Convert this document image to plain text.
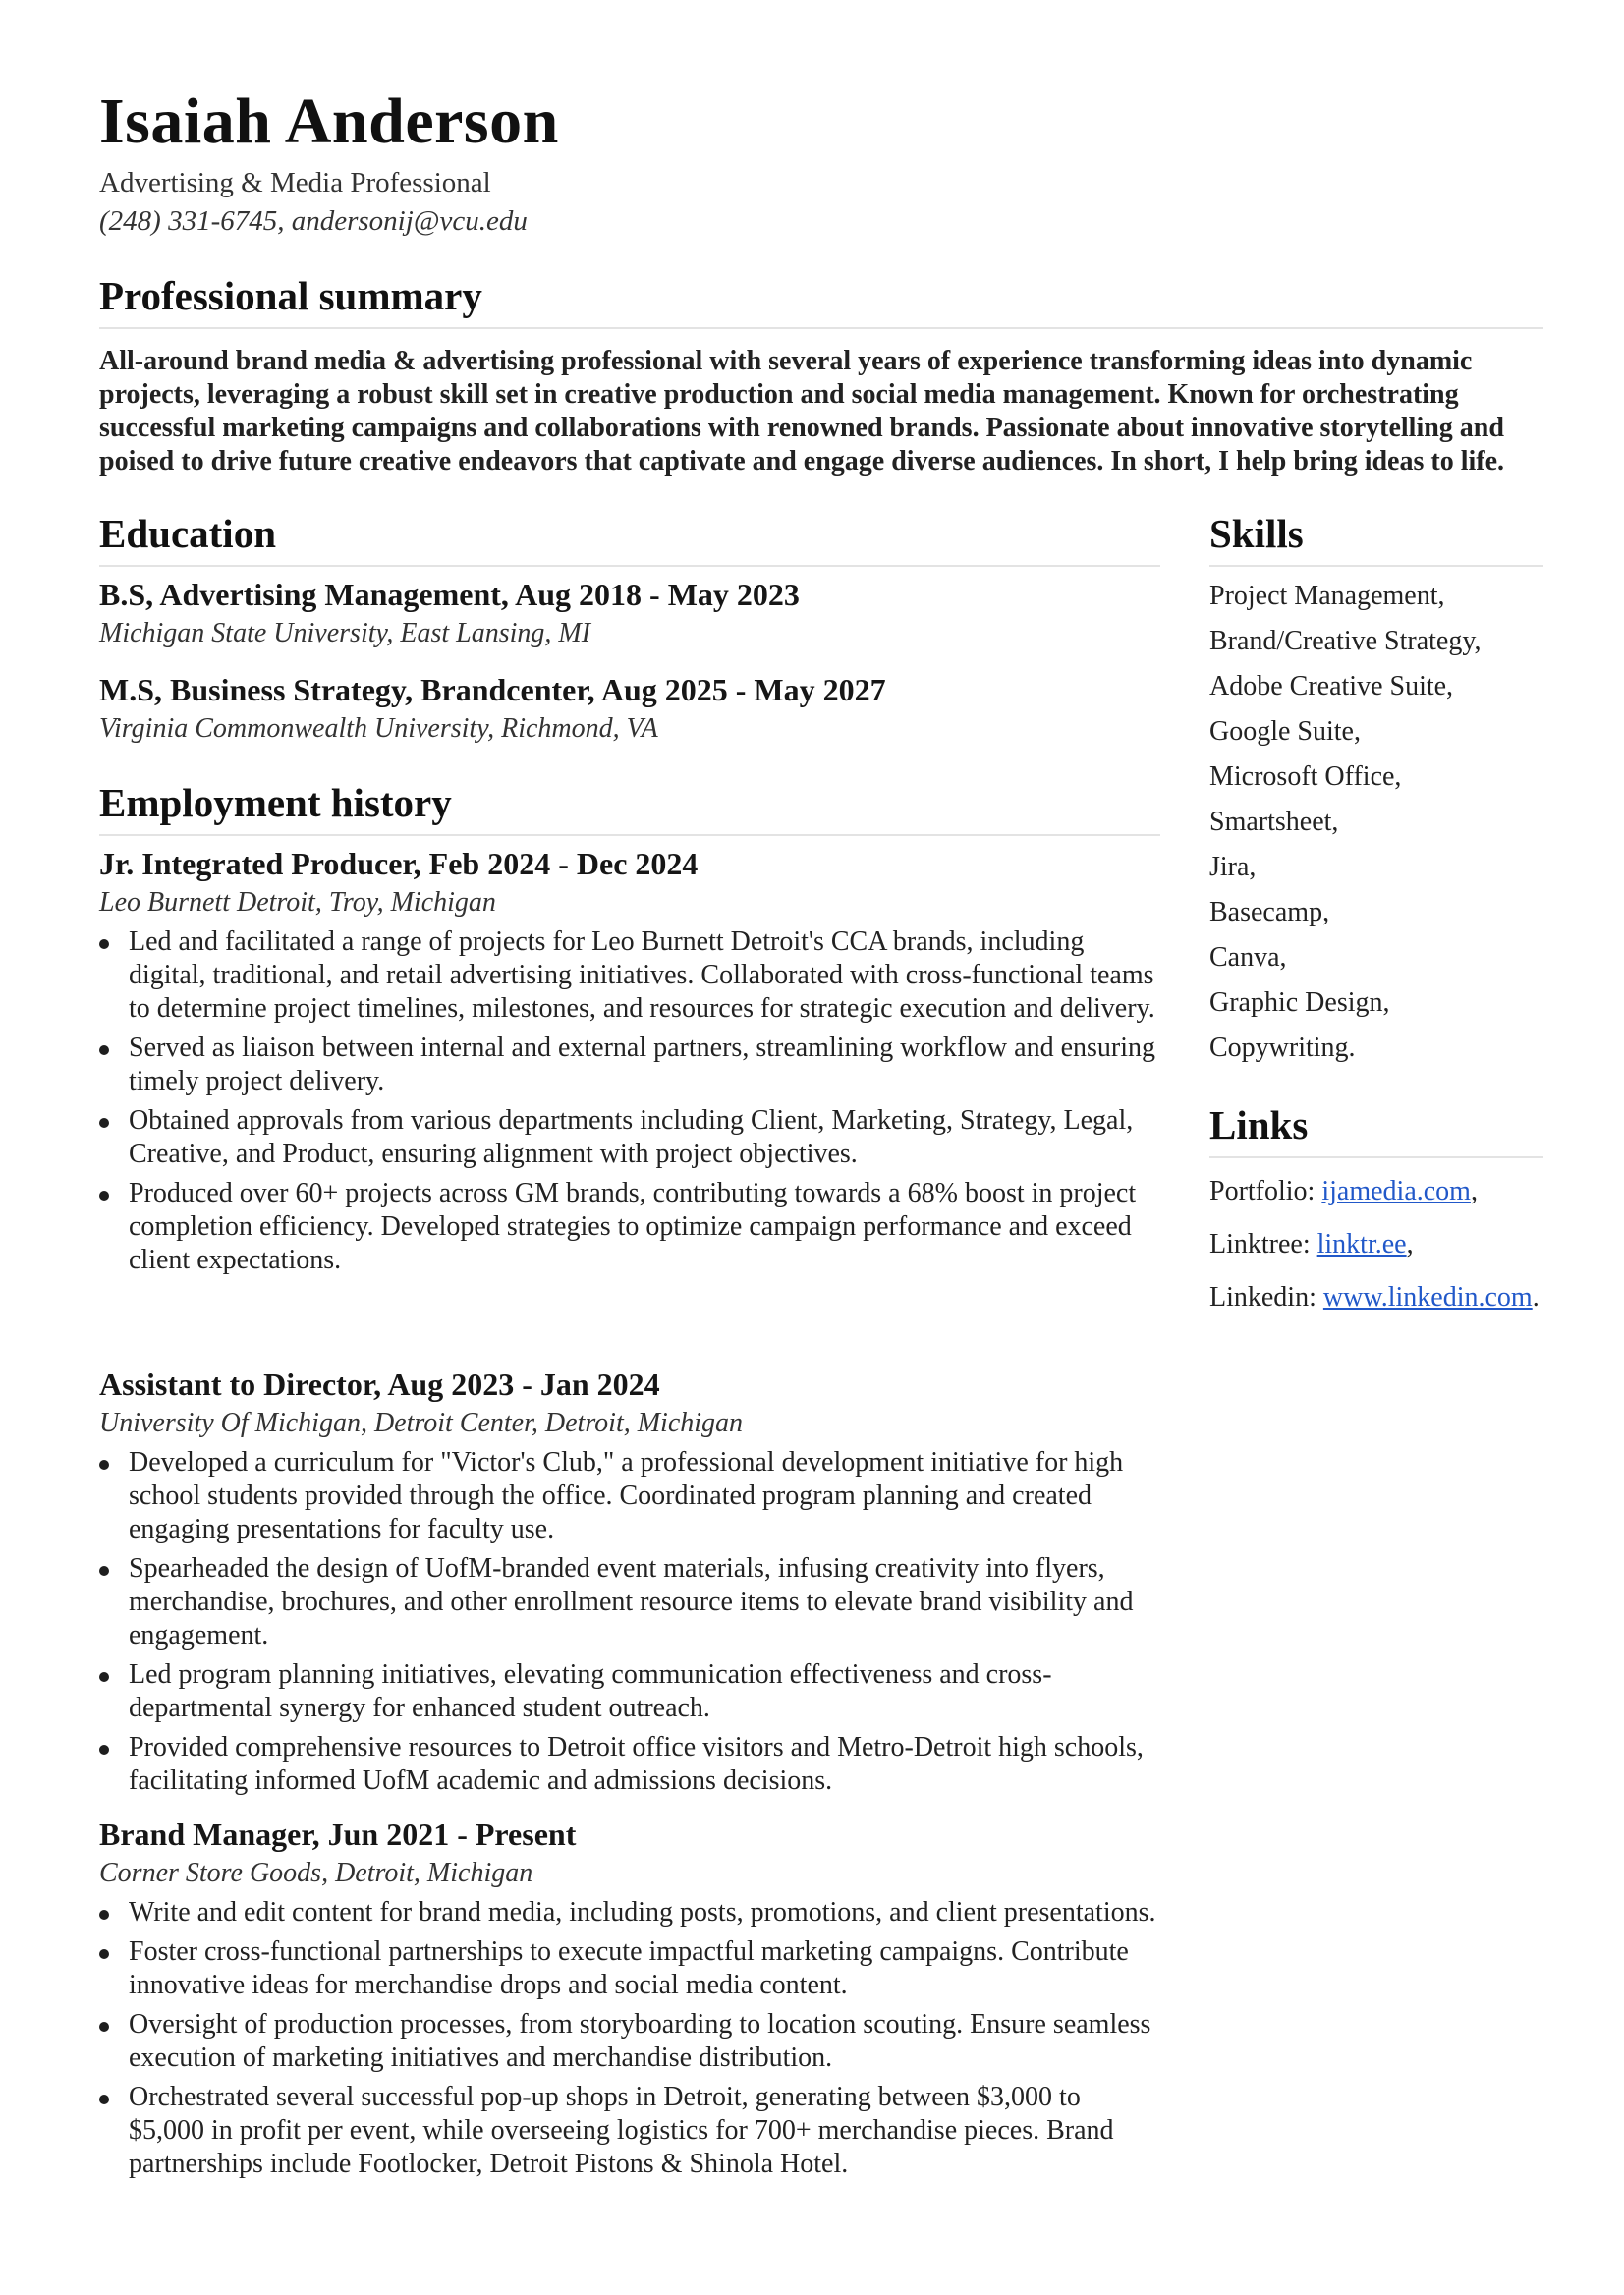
Isaiah Anderson
Advertising & Media Professional
(248) 331-6745, andersonij@vcu.edu
Professional summary
All-around brand media & advertising professional with several years of experience transforming ideas into dynamic projects, leveraging a robust skill set in creative production and social media management. Known for orchestrating successful marketing campaigns and collaborations with renowned brands. Passionate about innovative storytelling and poised to drive future creative endeavors that captivate and engage diverse audiences. In short, I help bring ideas to life.
Education
B.S, Advertising Management, Aug 2018 - May 2023
Michigan State University, East Lansing, MI
M.S, Business Strategy, Brandcenter, Aug 2025 - May 2027
Virginia Commonwealth University, Richmond, VA
Employment history
Jr. Integrated Producer, Feb 2024 - Dec 2024
Leo Burnett Detroit, Troy, Michigan
Led and facilitated a range of projects for Leo Burnett Detroit's CCA brands, including digital, traditional, and retail advertising initiatives. Collaborated with cross-functional teams to determine project timelines, milestones, and resources for strategic execution and delivery.
Served as liaison between internal and external partners, streamlining workflow and ensuring timely project delivery.
Obtained approvals from various departments including Client, Marketing, Strategy, Legal, Creative, and Product, ensuring alignment with project objectives.
Produced over 60+ projects across GM brands, contributing towards a 68% boost in project completion efficiency. Developed strategies to optimize campaign performance and exceed client expectations.
Assistant to Director, Aug 2023 - Jan 2024
University Of Michigan, Detroit Center, Detroit, Michigan
Developed a curriculum for "Victor's Club," a professional development initiative for high school students provided through the office. Coordinated program planning and created engaging presentations for faculty use.
Spearheaded the design of UofM-branded event materials, infusing creativity into flyers, merchandise, brochures, and other enrollment resource items to elevate brand visibility and engagement.
Led program planning initiatives, elevating communication effectiveness and cross-departmental synergy for enhanced student outreach.
Provided comprehensive resources to Detroit office visitors and Metro-Detroit high schools, facilitating informed UofM academic and admissions decisions.
Brand Manager, Jun 2021 - Present
Corner Store Goods, Detroit, Michigan
Write and edit content for brand media, including posts, promotions, and client presentations.
Foster cross-functional partnerships to execute impactful marketing campaigns. Contribute innovative ideas for merchandise drops and social media content.
Oversight of production processes, from storyboarding to location scouting. Ensure seamless execution of marketing initiatives and merchandise distribution.
Orchestrated several successful pop-up shops in Detroit, generating between $3,000 to $5,000 in profit per event, while overseeing logistics for 700+ merchandise pieces. Brand partnerships include Footlocker, Detroit Pistons & Shinola Hotel.
Skills
Project Management,
Brand/Creative Strategy,
Adobe Creative Suite,
Google Suite,
Microsoft Office,
Smartsheet,
Jira,
Basecamp,
Canva,
Graphic Design,
Copywriting.
Links
Portfolio: ijamedia.com,
Linktree: linktr.ee,
Linkedin: www.linkedin.com.
